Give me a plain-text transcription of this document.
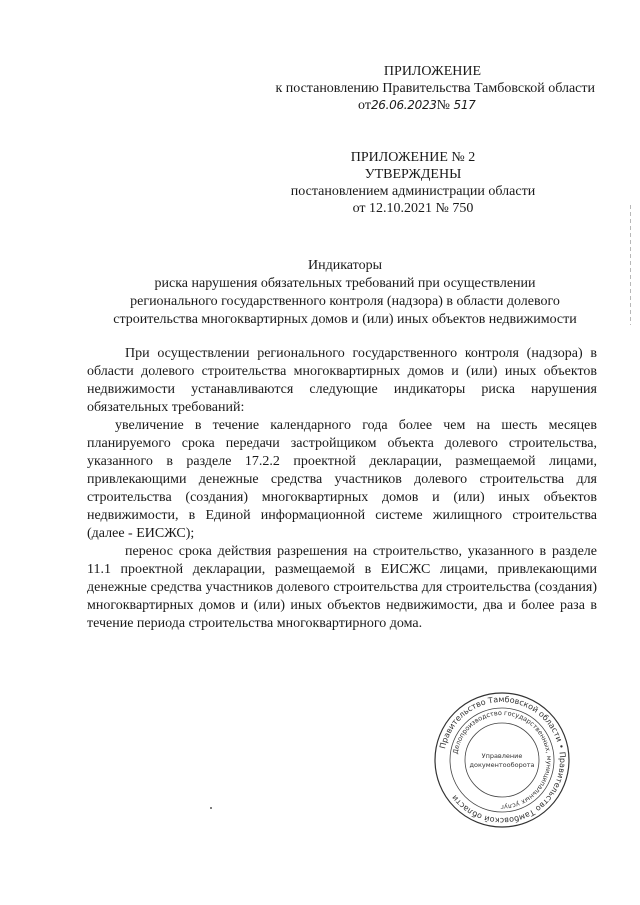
ПРИЛОЖЕНИЕ
к постановлению Правительства Тамбовской области
от26.06.2023№ 517
ПРИЛОЖЕНИЕ № 2
УТВЕРЖДЕНЫ
постановлением администрации области
от 12.10.2021 № 750
Индикаторы
риска нарушения обязательных требований при осуществлении
регионального государственного контроля (надзора) в области долевого
строительства многоквартирных домов и (или) иных объектов недвижимости

При осуществлении регионального государственного контроля (надзора) в области долевого строительства многоквартирных домов и (или) иных объектов недвижимости устанавливаются следующие индикаторы риска нарушения обязательных требований:

увеличение в течение календарного года более чем на шесть месяцев планируемого срока передачи застройщиком объекта долевого строительства, указанного в разделе 17.2.2 проектной декларации, размещаемой лицами, привлекающими денежные средства участников долевого строительства для строительства (создания) многоквартирных домов и (или) иных объектов недвижимости, в Единой информационной системе жилищного строительства (далее - ЕИСЖС);

перенос срока действия разрешения на строительство, указанного в разделе 11.1 проектной декларации, размещаемой в ЕИСЖС лицами, привлекающими денежные средства участников долевого строительства для строительства (создания) многоквартирных домов и (или) иных объектов недвижимости, два и более раза в течение периода строительства многоквартирного дома.

Правительство Тамбовской области • Правительство Тамбовской области
Делопроизводство государственных, муниципальных услуг
Управление
документооборота
